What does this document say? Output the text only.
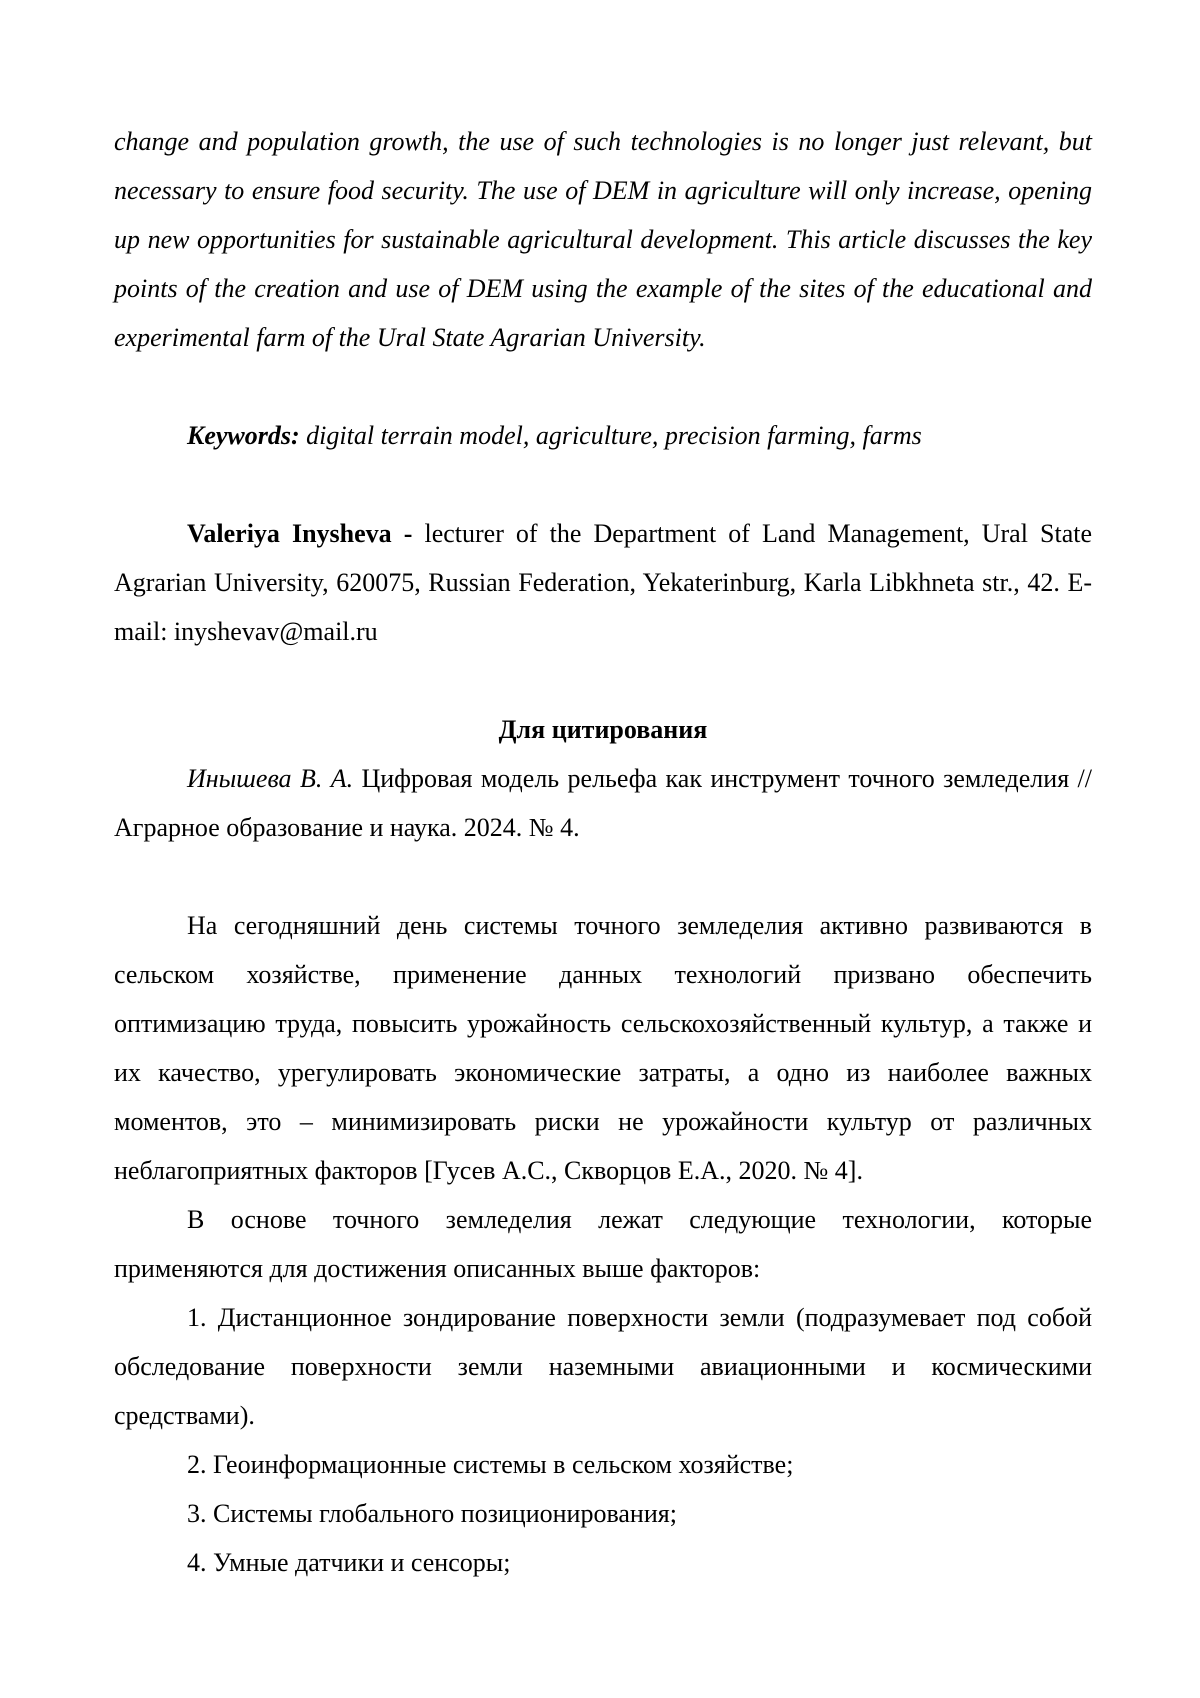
change and population growth, the use of such technologies is no longer just relevant, but necessary to ensure food security. The use of DEM in agriculture will only increase, opening up new opportunities for sustainable agricultural development. This article discusses the key points of the creation and use of DEM using the example of the sites of the educational and experimental farm of the Ural State Agrarian University.

Keywords: digital terrain model, agriculture, precision farming, farms

Valeriya Inysheva - lecturer of the Department of Land Management, Ural State Agrarian University, 620075, Russian Federation, Yekaterinburg, Karla Libkhneta str., 42. E-mail: inyshevav@mail.ru

Для цитирования

Инышева В. А. Цифровая модель рельефа как инструмент точного земледелия // Аграрное образование и наука. 2024. № 4.

На сегодняшний день системы точного земледелия активно развиваются в сельском хозяйстве, применение данных технологий призвано обеспечить оптимизацию труда, повысить урожайность сельскохозяйственный культур, а также и их качество, урегулировать экономические затраты, а одно из наиболее важных моментов, это – минимизировать риски не урожайности культур от различных неблагоприятных факторов [Гусев А.С., Скворцов Е.А., 2020. № 4].

В основе точного земледелия лежат следующие технологии, которые применяются для достижения описанных выше факторов:

1. Дистанционное зондирование поверхности земли (подразумевает под собой обследование поверхности земли наземными авиационными и космическими средствами).

2. Геоинформационные системы в сельском хозяйстве;

3. Системы глобального позиционирования;

4. Умные датчики и сенсоры;
